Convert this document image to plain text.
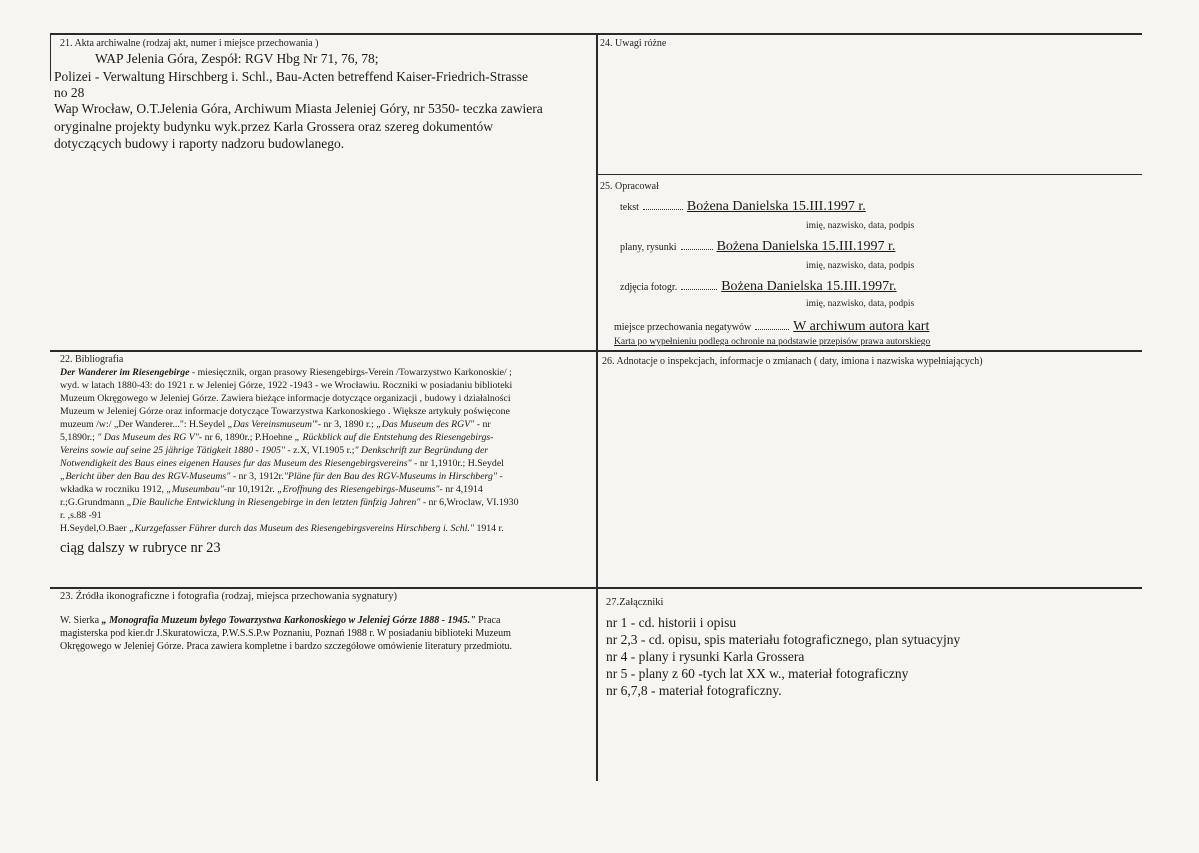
21. Akta archiwalne (rodzaj akt, numer i miejsce przechowania )
WAP Jelenia Góra, Zespół: RGV Hbg Nr 71, 76, 78;
Polizei - Verwaltung Hirschberg i. Schl., Bau-Acten betreffend Kaiser-Friedrich-Strasse
no 28
Wap Wrocław, O.T.Jelenia Góra, Archiwum Miasta Jeleniej Góry, nr 5350- teczka zawiera
oryginalne projekty budynku wyk.przez Karla Grossera oraz szereg dokumentów
dotyczących budowy i raporty nadzoru budowlanego.
24. Uwagi różne
25. Opracował
tekst	Bożena Danielska 15.III.1997 r.
imię, nazwisko, data, podpis
plany, rysunki	Bożena Danielska 15.III.1997 r.
imię, nazwisko, data, podpis
zdjęcia fotogr.	Bożena Danielska 15.III.1997r.
imię, nazwisko, data, podpis
miejsce przechowania negatywów	W archiwum autora kart
Karta po wypełnieniu podlega ochronie na podstawie przepisów prawa autorskiego
22. Bibliografia
Der Wanderer im Riesengebirge - miesięcznik, organ prasowy Riesengebirgs-Verein /Towarzystwo Karkonoskie/ ;
wyd. w latach 1880-43: do 1921 r. w Jeleniej Górze, 1922 -1943 - we Wrocławiu. Roczniki w posiadaniu biblioteki
Muzeum Okręgowego w Jeleniej Górze. Zawiera bieżące informacje dotyczące organizacji , budowy i działalności
Muzeum w Jeleniej Górze oraz informacje dotyczące Towarzystwa Karkonoskiego . Większe artykuły poświęcone
muzeum /w:/ „Der Wanderer...": H.Seydel „Das Vereinsmuseum"'- nr 3, 1890 r.; „Das Museum des RGV" - nr
5,1890r.; " Das Museum des RG V"- nr 6, 1890r.; P.Hoehne „ Rückblick auf die Entstehung des Riesengebirgs-
Vereins sowie auf seine 25 jährige Tätigkeit 1880 - 1905" - z.X, VI.1905 r.;" Denkschrift zur Begründung der
Notwendigkeit des Baus eines eigenen Hauses fur das Museum des Riesengebirgsvereins" - nr 1,1910r.; H.Seydel
„Bericht über den Bau des RGV-Museums" - nr 3, 1912r."Pläne für den Bau des RGV-Museums in Hirschberg" -
wkładka w roczniku 1912, „Museumbau"-nr 10,1912r. „Eroffnung des Riesengebirgs-Museums"- nr 4,1914
r.;G.Grundmann „Die Bauliche Entwicklung in Riesengebirge in den letzten fünfzig Jahren" - nr 6,Wroclaw, VI.1930
r. ,s.88 -91
H.Seydel,O.Baer „Kurzgefasser Führer durch das Museum des Riesengebirgsvereins Hirschberg i. Schl." 1914 r.
ciąg dalszy w rubryce nr 23
26. Adnotacje o inspekcjach, informacje o zmianach ( daty, imiona i nazwiska wypełniających)
23. Źródła ikonograficzne i fotografia (rodzaj, miejsca przechowania sygnatury)
W. Sierka „ Monografia Muzeum byłego Towarzystwa Karkonoskiego w Jeleniej Górze 1888 - 1945." Praca
magisterska pod kier.dr J.Skuratowicza, P.W.S.S.P.w Poznaniu, Poznań 1988 r. W posiadaniu biblioteki Muzeum
Okręgowego w Jeleniej Górze. Praca zawiera kompletne i bardzo szczegółowe omówienie literatury przedmiotu.
27.Załączniki
nr 1 - cd. historii i opisu
nr 2,3 - cd. opisu, spis materiału fotograficznego, plan sytuacyjny
nr 4 - plany i rysunki Karla Grossera
nr 5 - plany z 60 -tych lat XX w., materiał fotograficzny
nr 6,7,8 - materiał fotograficzny.
